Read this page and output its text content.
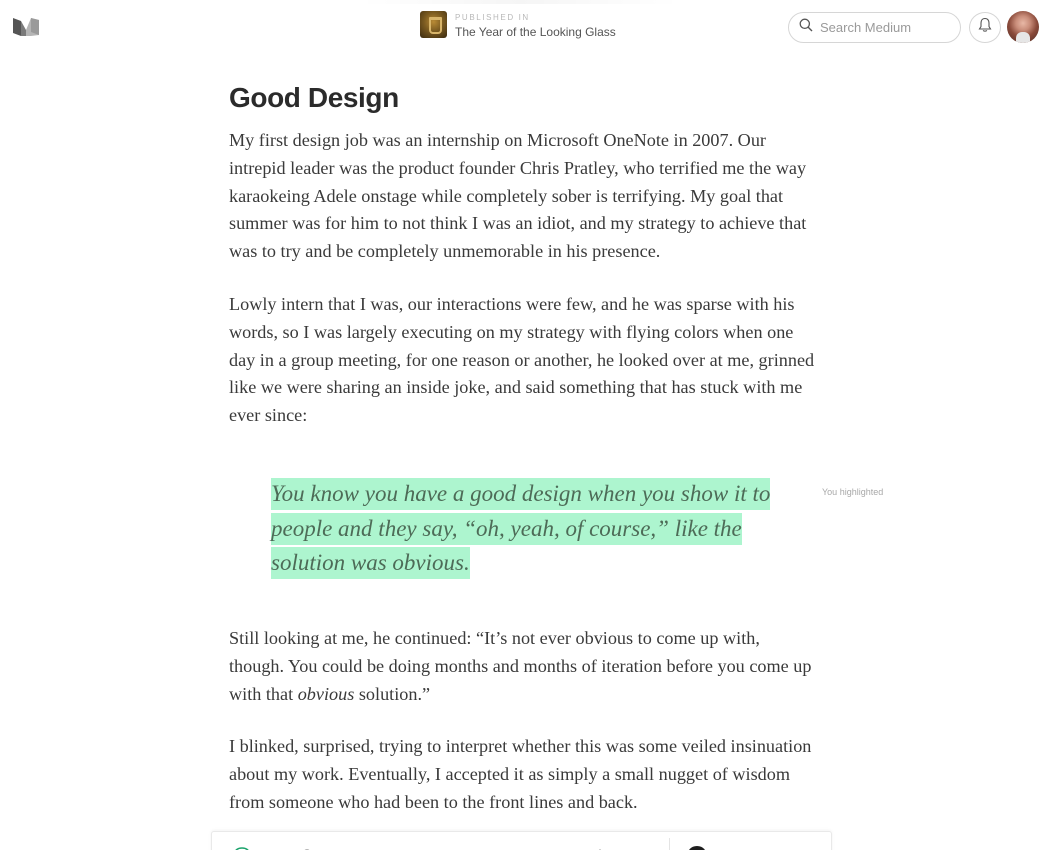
PUBLISHED IN
The Year of the Looking Glass
Search Medium
Good Design

My first design job was an internship on Microsoft OneNote in 2007. Our intrepid leader was the product founder Chris Pratley, who terrified me the way karaokeing Adele onstage while completely sober is terrifying. My goal that summer was for him to not think I was an idiot, and my strategy to achieve that was to try and be completely unmemorable in his presence.

Lowly intern that I was, our interactions were few, and he was sparse with his words, so I was largely executing on my strategy with flying colors when one day in a group meeting, for one reason or another, he looked over at me, grinned like we were sharing an inside joke, and said something that has stuck with me ever since:

You know you have a good design when you show it to people and they say, “oh, yeah, of course,” like the solution was obvious.
You highlighted

Still looking at me, he continued: “It’s not ever obvious to come up with, though. You could be doing months and months of iteration before you come up with that obvious solution.”

I blinked, surprised, trying to interpret whether this was some veiled insinuation about my work. Eventually, I accepted it as simply a small nugget of wisdom from someone who had been to the front lines and back.
